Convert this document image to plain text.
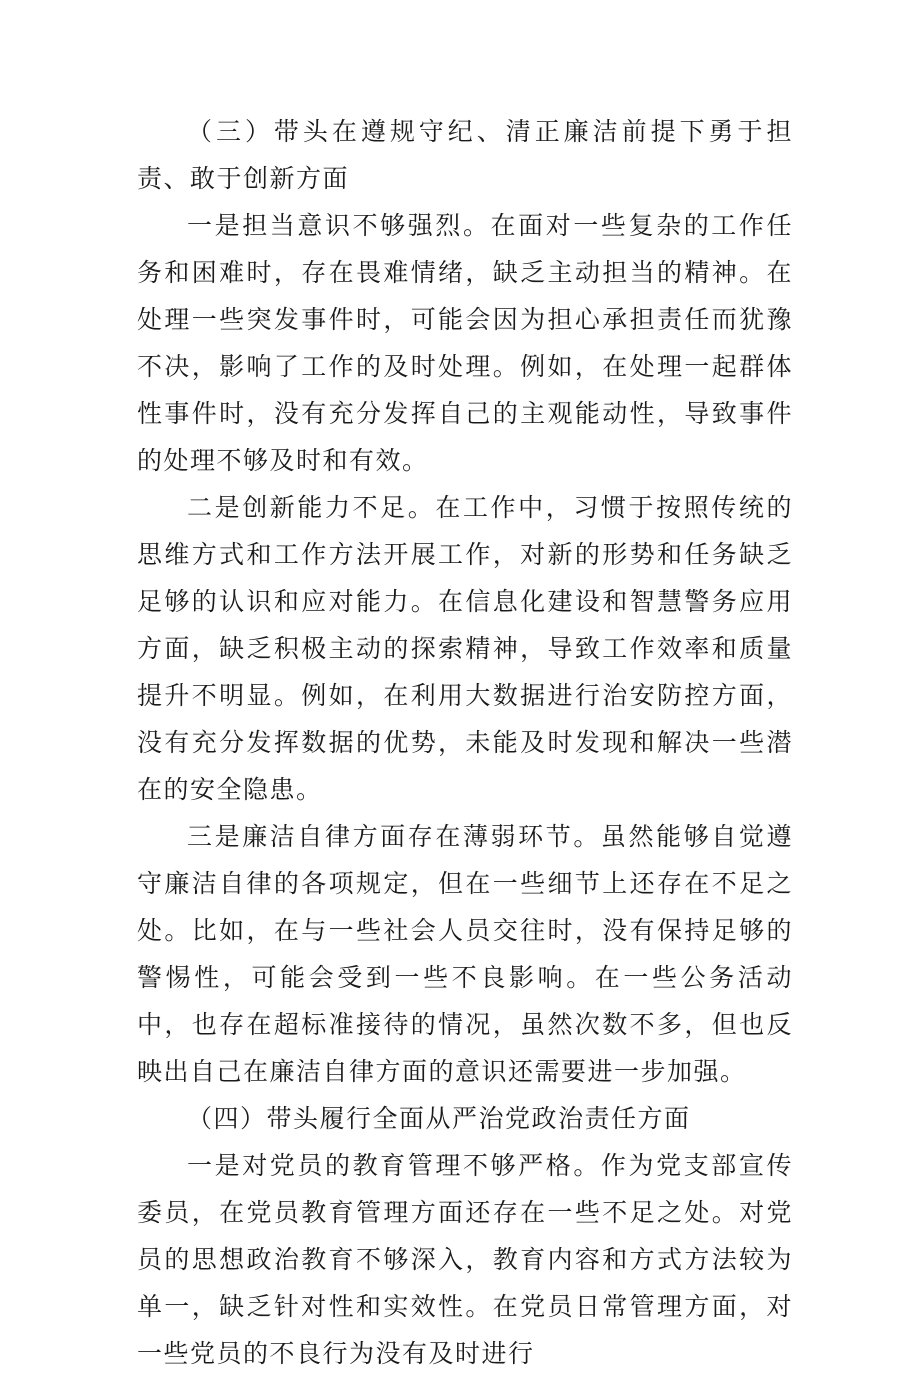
（三）带头在遵规守纪、清正廉洁前提下勇于担责、敢于创新方面

一是担当意识不够强烈。在面对一些复杂的工作任务和困难时，存在畏难情绪，缺乏主动担当的精神。在处理一些突发事件时，可能会因为担心承担责任而犹豫不决，影响了工作的及时处理。例如，在处理一起群体性事件时，没有充分发挥自己的主观能动性，导致事件的处理不够及时和有效。

二是创新能力不足。在工作中，习惯于按照传统的思维方式和工作方法开展工作，对新的形势和任务缺乏足够的认识和应对能力。在信息化建设和智慧警务应用方面，缺乏积极主动的探索精神，导致工作效率和质量提升不明显。例如，在利用大数据进行治安防控方面，没有充分发挥数据的优势，未能及时发现和解决一些潜在的安全隐患。

三是廉洁自律方面存在薄弱环节。虽然能够自觉遵守廉洁自律的各项规定，但在一些细节上还存在不足之处。比如，在与一些社会人员交往时，没有保持足够的警惕性，可能会受到一些不良影响。在一些公务活动中，也存在超标准接待的情况，虽然次数不多，但也反映出自己在廉洁自律方面的意识还需要进一步加强。

（四）带头履行全面从严治党政治责任方面

一是对党员的教育管理不够严格。作为党支部宣传委员，在党员教育管理方面还存在一些不足之处。对党员的思想政治教育不够深入，教育内容和方式方法较为单一，缺乏针对性和实效性。在党员日常管理方面，对一些党员的不良行为没有及时进行
